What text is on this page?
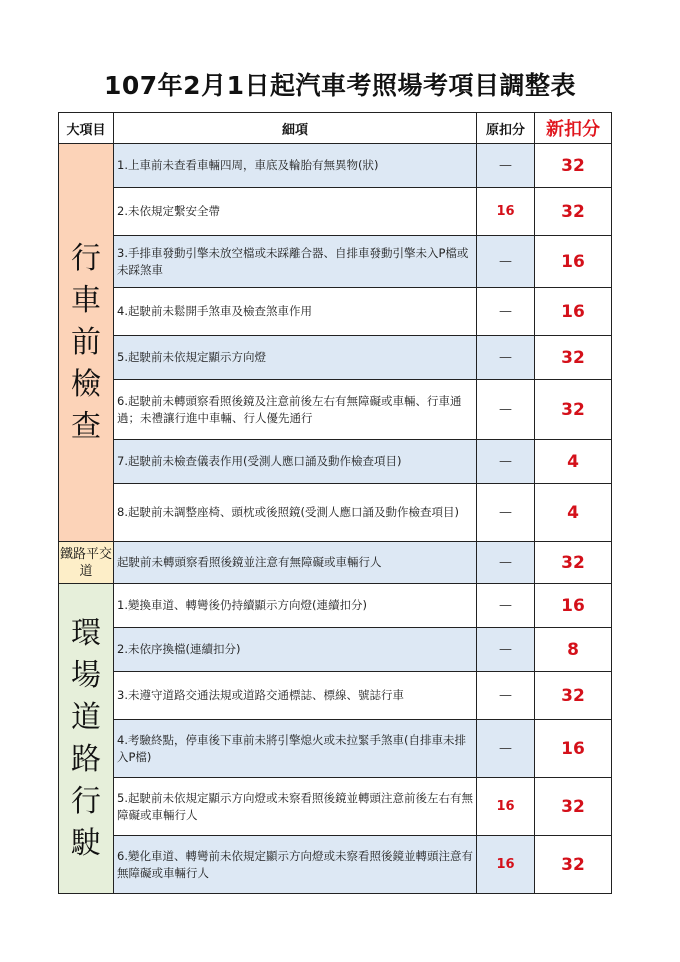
107年2月1日起汽車考照場考項目調整表
大項目	細項	原扣分	新扣分
行車前檢查	1.上車前未查看車輛四周，車底及輪胎有無異物(狀)	—	32
	2.未依規定繫安全帶	16	32
	3.手排車發動引擎未放空檔或未踩離合器、自排車發動引擎未入P檔或未踩煞車	—	16
	4.起駛前未鬆開手煞車及檢查煞車作用	—	16
	5.起駛前未依規定顯示方向燈	—	32
	6.起駛前未轉頭察看照後鏡及注意前後左右有無障礙或車輛、行車通過；未禮讓行進中車輛、行人優先通行	—	32
	7.起駛前未檢查儀表作用(受測人應口誦及動作檢查項目)	—	4
	8.起駛前未調整座椅、頭枕或後照鏡(受測人應口誦及動作檢查項目)	—	4
鐵路平交道	起駛前未轉頭察看照後鏡並注意有無障礙或車輛行人	—	32
環場道路行駛	1.變換車道、轉彎後仍持續顯示方向燈(連續扣分)	—	16
	2.未依序換檔(連續扣分)	—	8
	3.未遵守道路交通法規或道路交通標誌、標線、號誌行車	—	32
	4.考驗終點，停車後下車前未將引擎熄火或未拉緊手煞車(自排車未排入P檔)	—	16
	5.起駛前未依規定顯示方向燈或未察看照後鏡並轉頭注意前後左右有無障礙或車輛行人	16	32
	6.變化車道、轉彎前未依規定顯示方向燈或未察看照後鏡並轉頭注意有無障礙或車輛行人	16	32
